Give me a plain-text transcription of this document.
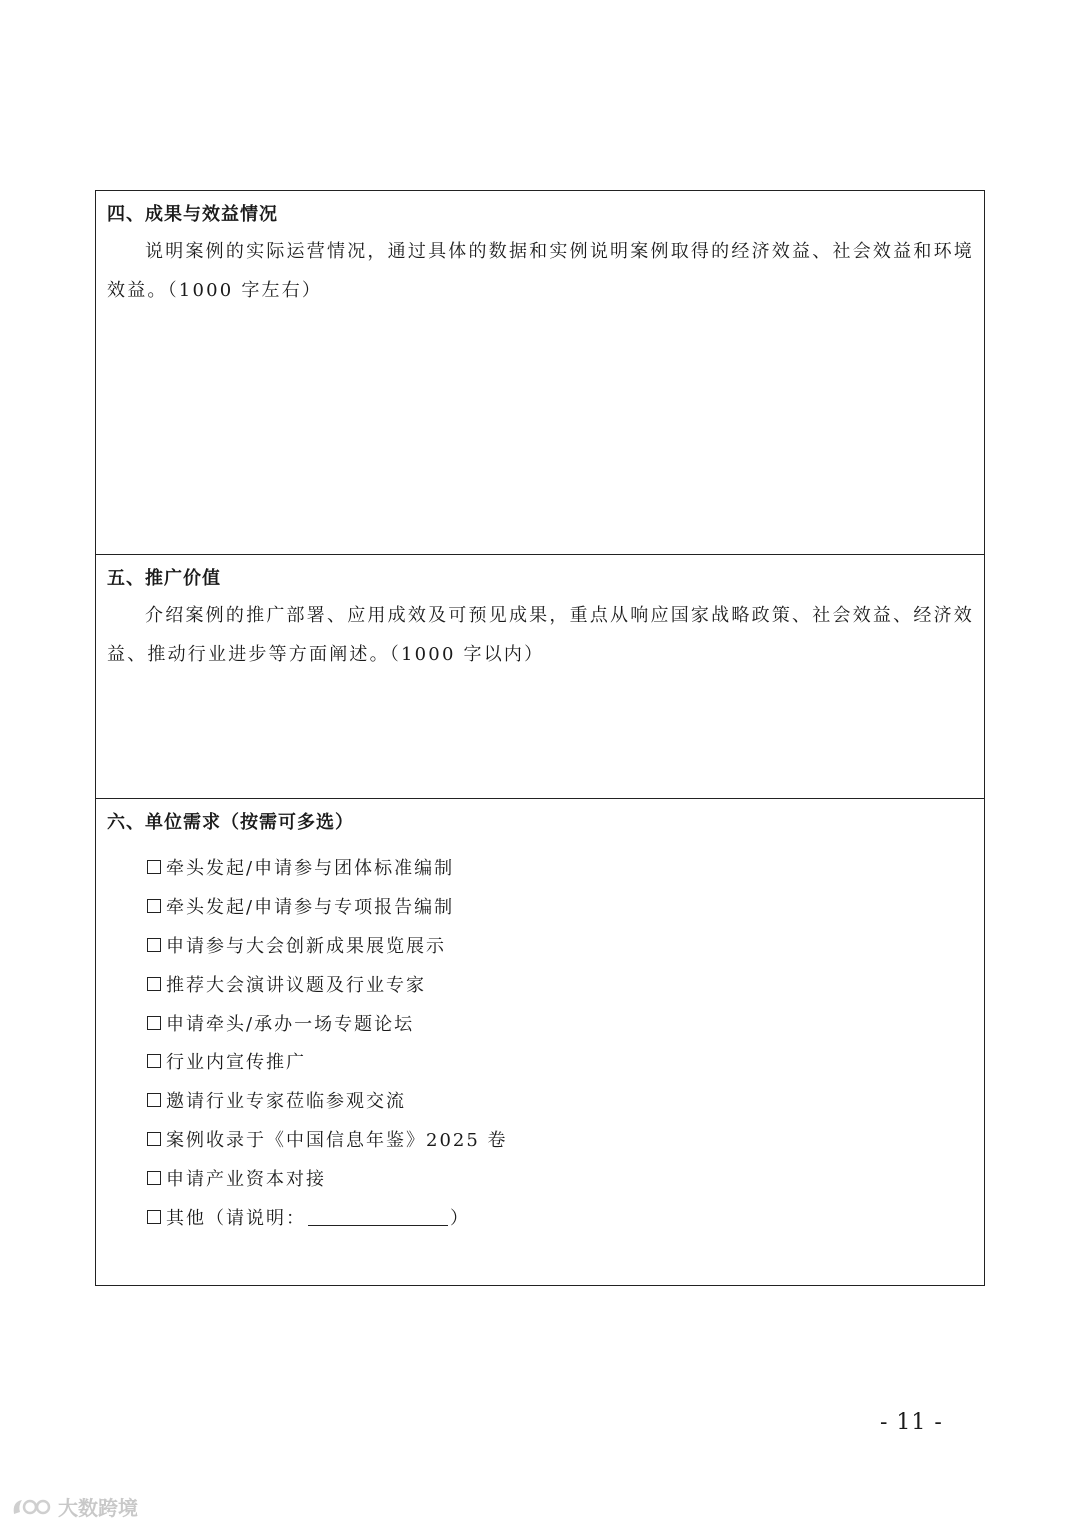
四、成果与效益情况

说明案例的实际运营情况，通过具体的数据和实例说明案例取得的经济效益、社会效益和环境效益。（1000 字左右）

五、推广价值

介绍案例的推广部署、应用成效及可预见成果，重点从响应国家战略政策、社会效益、经济效益、推动行业进步等方面阐述。（1000 字以内）

六、单位需求（按需可多选）
牵头发起/申请参与团体标准编制
牵头发起/申请参与专项报告编制
申请参与大会创新成果展览展示
推荐大会演讲议题及行业专家
申请牵头/承办一场专题论坛
行业内宣传推广
邀请行业专家莅临参观交流
案例收录于《中国信息年鉴》2025 卷
申请产业资本对接
其他（请说明：	）
- 11 -
大数跨境
